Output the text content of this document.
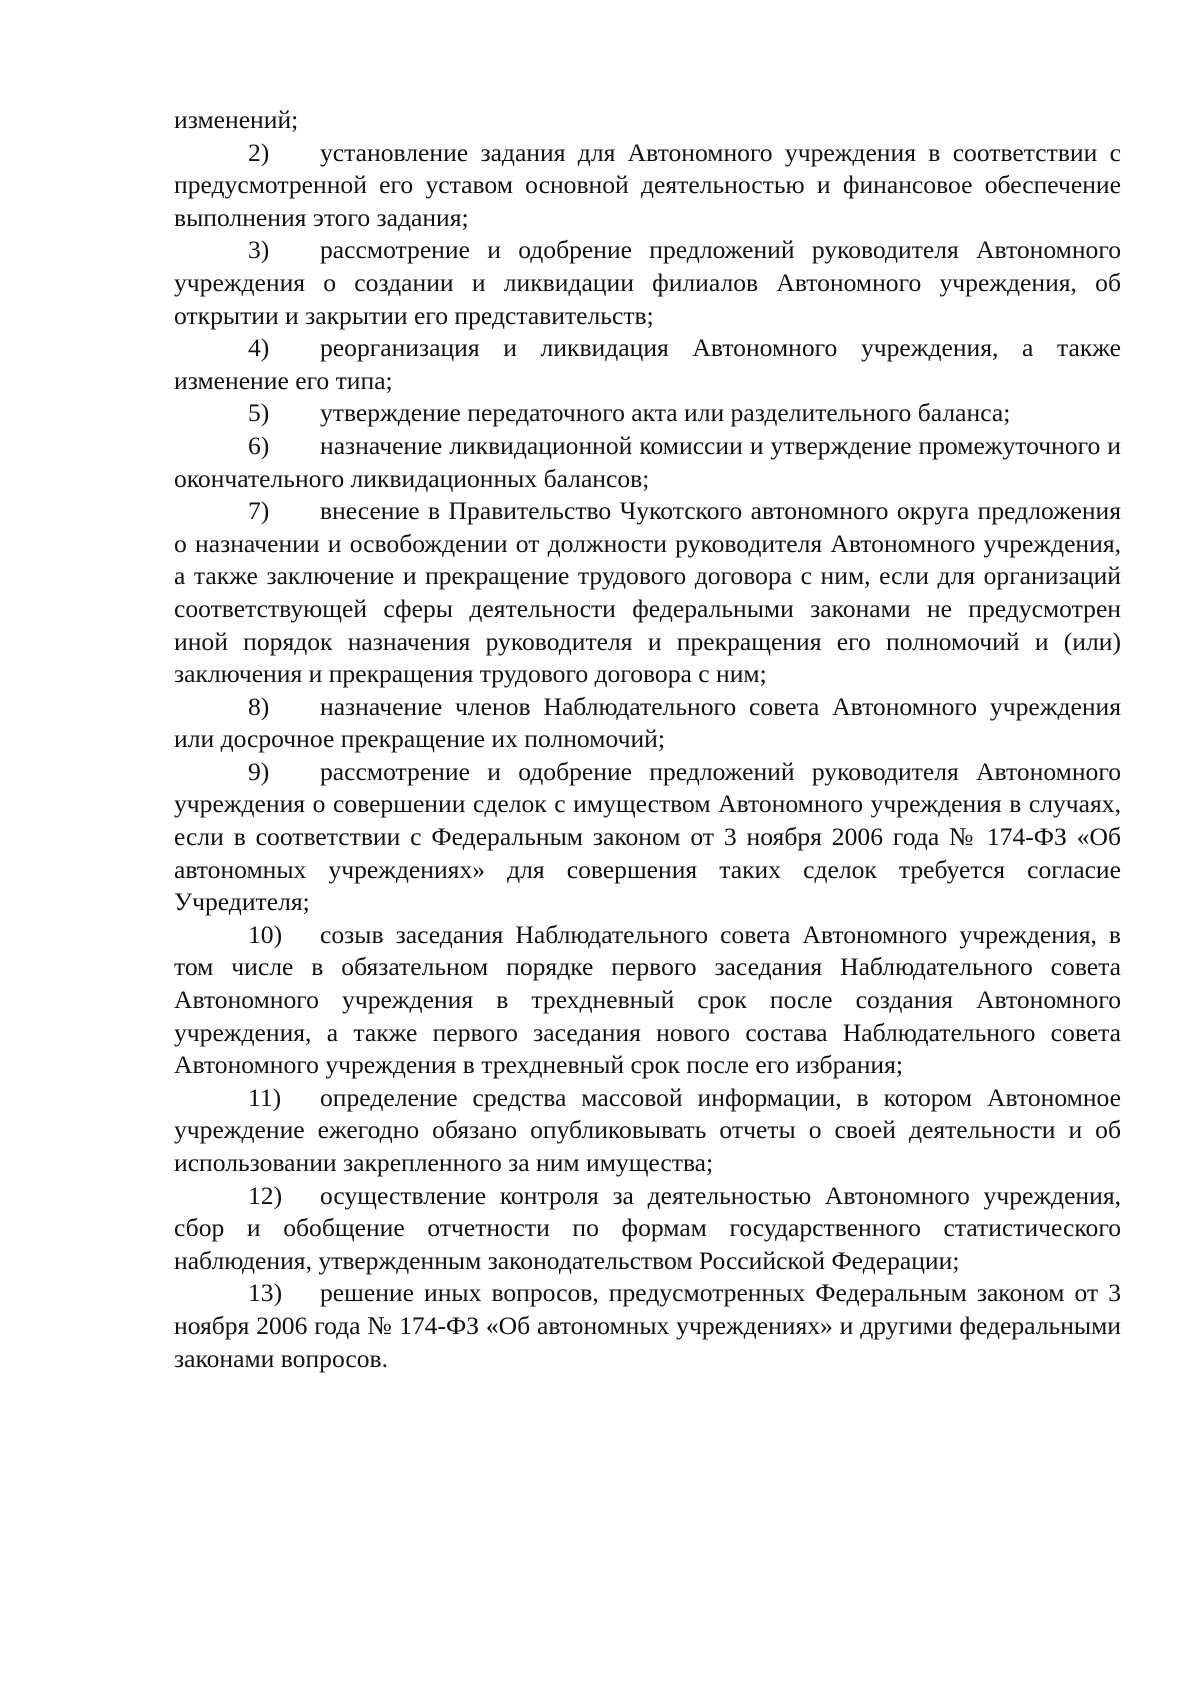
изменений;

2) установление задания для Автономного учреждения в соответствии с предусмотренной его уставом основной деятельностью и финансовое обеспечение выполнения этого задания;

3) рассмотрение и одобрение предложений руководителя Автономного учреждения о создании и ликвидации филиалов Автономного учреждения, об открытии и закрытии его представительств;

4) реорганизация и ликвидация Автономного учреждения, а также изменение его типа;

5) утверждение передаточного акта или разделительного баланса;

6) назначение ликвидационной комиссии и утверждение промежуточного и окончательного ликвидационных балансов;

7) внесение в Правительство Чукотского автономного округа предложения о назначении и освобождении от должности руководителя Автономного учреждения, а также заключение и прекращение трудового договора с ним, если для организаций соответствующей сферы деятельности федеральными законами не предусмотрен иной порядок назначения руководителя и прекращения его полномочий и (или) заключения и прекращения трудового договора с ним;

8) назначение членов Наблюдательного совета Автономного учреждения или досрочное прекращение их полномочий;

9) рассмотрение и одобрение предложений руководителя Автономного учреждения о совершении сделок с имуществом Автономного учреждения в случаях, если в соответствии с Федеральным законом от 3 ноября 2006 года № 174-ФЗ «Об автономных учреждениях» для совершения таких сделок требуется согласие Учредителя;

10) созыв заседания Наблюдательного совета Автономного учреждения, в том числе в обязательном порядке первого заседания Наблюдательного совета Автономного учреждения в трехдневный срок после создания Автономного учреждения, а также первого заседания нового состава Наблюдательного совета Автономного учреждения в трехдневный срок после его избрания;

11) определение средства массовой информации, в котором Автономное учреждение ежегодно обязано опубликовывать отчеты о своей деятельности и об использовании закрепленного за ним имущества;

12) осуществление контроля за деятельностью Автономного учреждения, сбор и обобщение отчетности по формам государственного статистического наблюдения, утвержденным законодательством Российской Федерации;

13) решение иных вопросов, предусмотренных Федеральным законом от 3 ноября 2006 года № 174-ФЗ «Об автономных учреждениях» и другими федеральными законами вопросов.
